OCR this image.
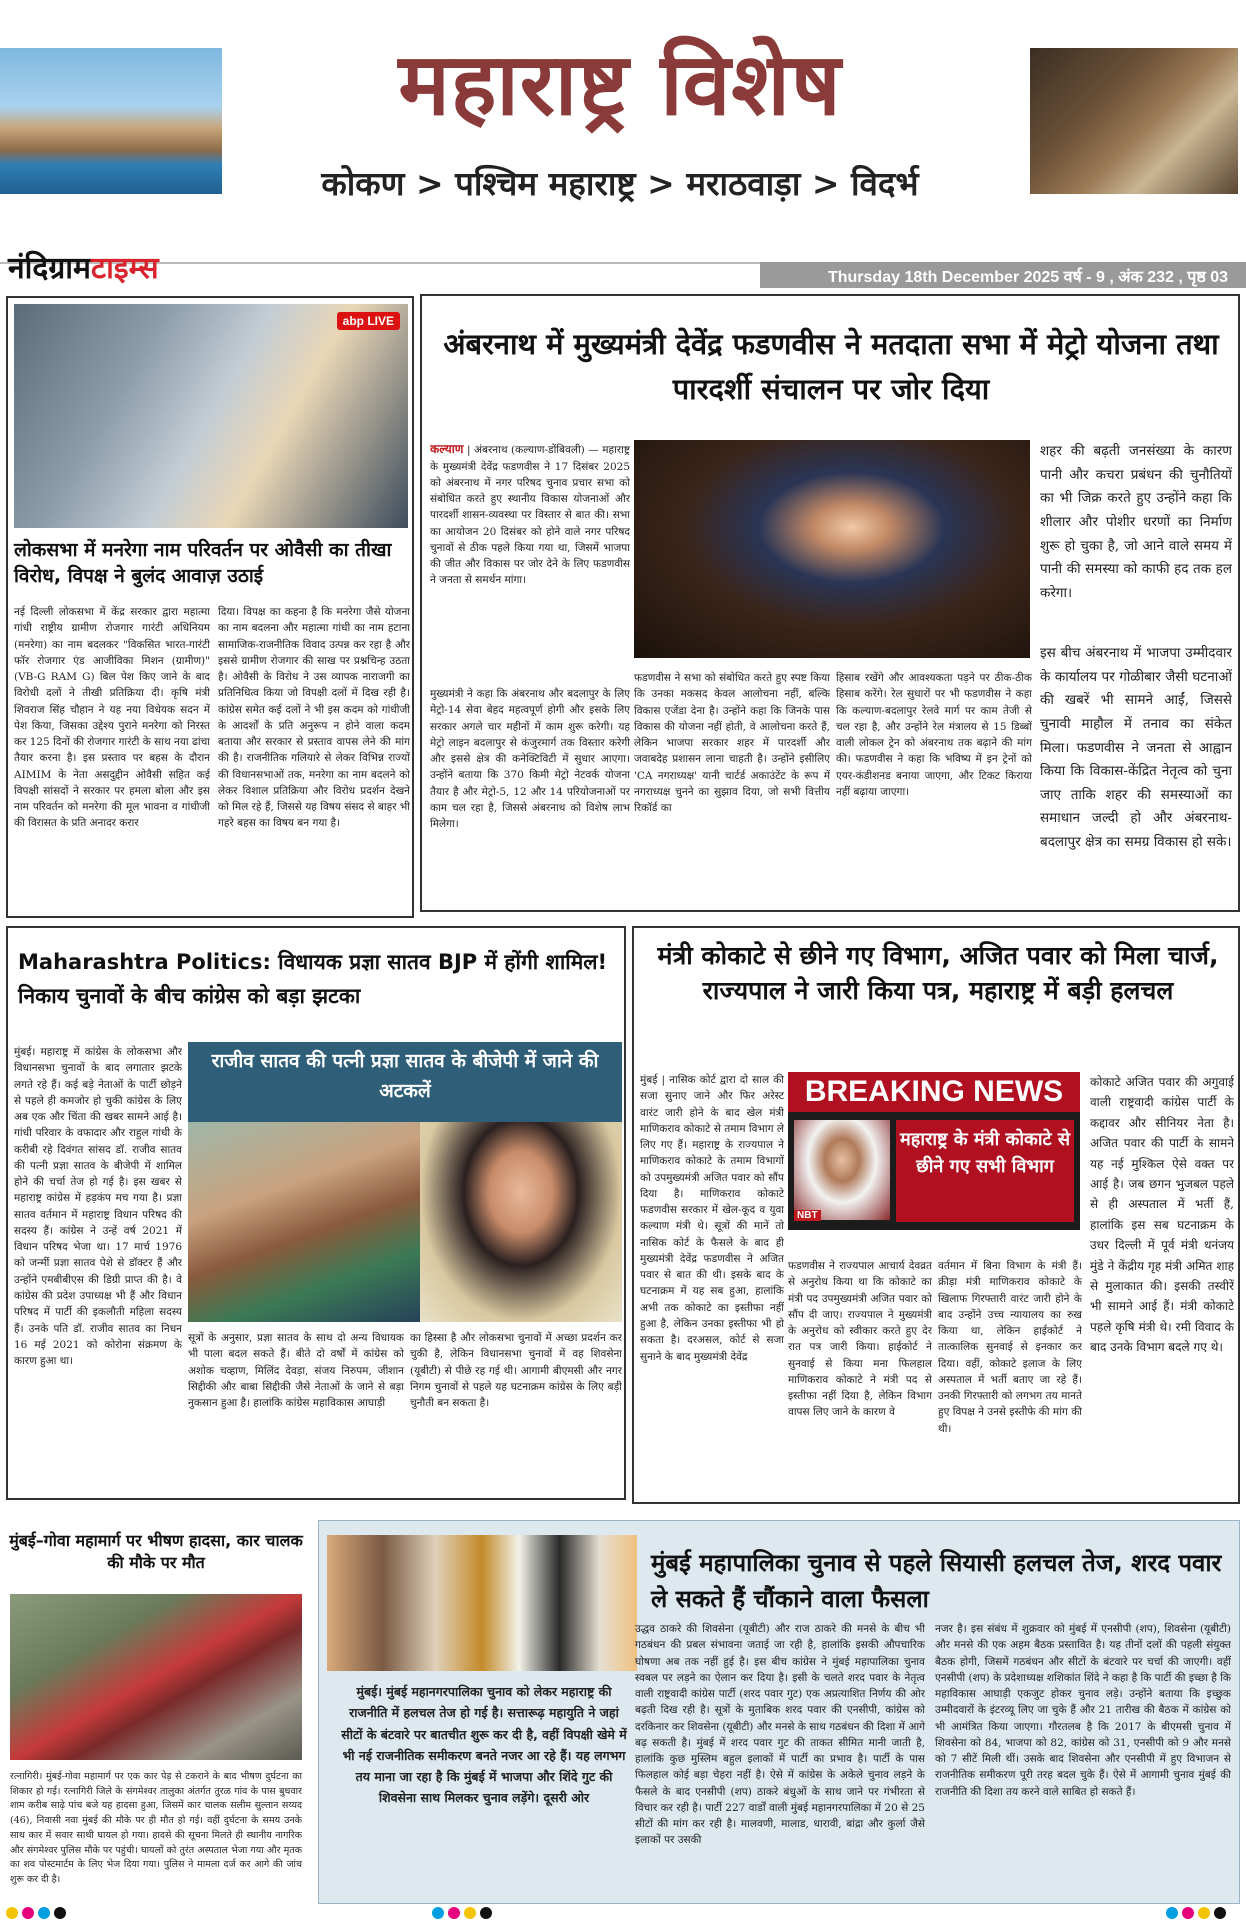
महाराष्ट्र विशेष
कोकण > पश्चिम महाराष्ट्र > मराठवाड़ा > विदर्भ
नंदिग्रामटाइम्स	Thursday 18th December 2025 वर्ष - 9 , अंक 232 , पृष्ठ 03
abp LIVE
लोकसभा में मनरेगा नाम परिवर्तन पर ओवैसी का तीखा विरोध, विपक्ष ने बुलंद आवाज़ उठाई
नई दिल्ली लोकसभा में केंद्र सरकार द्वारा महात्मा गांधी राष्ट्रीय ग्रामीण रोजगार गारंटी अधिनियम (मनरेगा) का नाम बदलकर "विकसित भारत-गारंटी फॉर रोजगार एंड आजीविका मिशन (ग्रामीण)" (VB-G RAM G) बिल पेश किए जाने के बाद विरोधी दलों ने तीखी प्रतिक्रिया दी। कृषि मंत्री शिवराज सिंह चौहान ने यह नया विधेयक सदन में पेश किया, जिसका उद्देश्य पुराने मनरेगा को निरस्त कर 125 दिनों की रोजगार गारंटी के साथ नया ढांचा तैयार करना है। इस प्रस्ताव पर बहस के दौरान AIMIM के नेता असदुद्दीन ओवैसी सहित कई विपक्षी सांसदों ने सरकार पर हमला बोला और इस नाम परिवर्तन को मनरेगा की मूल भावना व गांधीजी की विरासत के प्रति अनादर करार
दिया। विपक्ष का कहना है कि मनरेगा जैसे योजना का नाम बदलना और महात्मा गांधी का नाम हटाना सामाजिक-राजनीतिक विवाद उत्पन्न कर रहा है और इससे ग्रामीण रोजगार की साख पर प्रश्नचिन्ह उठता है। ओवैसी के विरोध ने उस व्यापक नाराजगी का प्रतिनिधित्व किया जो विपक्षी दलों में दिख रही है। कांग्रेस समेत कई दलों ने भी इस कदम को गांधीजी के आदर्शों के प्रति अनुरूप न होने वाला कदम बताया और सरकार से प्रस्ताव वापस लेने की मांग की है। राजनीतिक गलियारे से लेकर विभिन्न राज्यों की विधानसभाओं तक, मनरेगा का नाम बदलने को लेकर विशाल प्रतिक्रिया और विरोध प्रदर्शन देखने को मिल रहे हैं, जिससे यह विषय संसद से बाहर भी गहरे बहस का विषय बन गया है।
अंबरनाथ में मुख्यमंत्री देवेंद्र फडणवीस ने मतदाता सभा में मेट्रो योजना तथा पारदर्शी संचालन पर जोर दिया
कल्याण | अंबरनाथ (कल्याण-डोंबिवली) — महाराष्ट्र के मुख्यमंत्री देवेंद्र फडणवीस ने 17 दिसंबर 2025 को अंबरनाथ में नगर परिषद चुनाव प्रचार सभा को संबोधित करते हुए स्थानीय विकास योजनाओं और पारदर्शी शासन-व्यवस्था पर विस्तार से बात की। सभा का आयोजन 20 दिसंबर को होने वाले नगर परिषद चुनावों से ठीक पहले किया गया था, जिसमें भाजपा की जीत और विकास पर जोर देने के लिए फडणवीस ने जनता से समर्थन मांगा।
मुख्यमंत्री ने कहा कि अंबरनाथ और बदलापुर के लिए मेट्रो-14 सेवा बेहद महत्वपूर्ण होगी और इसके लिए सरकार अगले चार महीनों में काम शुरू करेगी। यह मेट्रो लाइन बदलापुर से कंजुरमार्ग तक विस्तार करेगी और इससे क्षेत्र की कनेक्टिविटी में सुधार आएगा। उन्होंने बताया कि 370 किमी मेट्रो नेटवर्क योजना तैयार है और मेट्रो-5, 12 और 14 परियोजनाओं पर काम चल रहा है, जिससे अंबरनाथ को विशेष लाभ मिलेगा।
फडणवीस ने सभा को संबोधित करते हुए स्पष्ट किया कि उनका मकसद केवल आलोचना नहीं, बल्कि विकास एजेंडा देना है। उन्होंने कहा कि जिनके पास विकास की योजना नहीं होती, वे आलोचना करते हैं, लेकिन भाजपा सरकार शहर में पारदर्शी और जवाबदेह प्रशासन लाना चाहती है। उन्होंने इसीलिए 'CA नगराध्यक्ष' यानी चार्टर्ड अकाउंटेंट के रूप में नगराध्यक्ष चुनने का सुझाव दिया, जो सभी वित्तीय रिकॉर्ड का
हिसाब रखेंगे और आवश्यकता पड़ने पर ठीक-ठीक हिसाब करेंगे। रेल सुधारों पर भी फडणवीस ने कहा कि कल्याण-बदलापुर रेलवे मार्ग पर काम तेजी से चल रहा है, और उन्होंने रेल मंत्रालय से 15 डिब्बों वाली लोकल ट्रेन को अंबरनाथ तक बढ़ाने की मांग की। फडणवीस ने कहा कि भविष्य में इन ट्रेनों को एयर-कंडीशनड बनाया जाएगा, और टिकट किराया नहीं बढ़ाया जाएगा।
शहर की बढ़ती जनसंख्या के कारण पानी और कचरा प्रबंधन की चुनौतियों का भी जिक्र करते हुए उन्होंने कहा कि शीलार और पोशीर धरणों का निर्माण शुरू हो चुका है, जो आने वाले समय में पानी की समस्या को काफी हद तक हल करेगा।
इस बीच अंबरनाथ में भाजपा उम्मीदवार के कार्यालय पर गोळीबार जैसी घटनाओं की खबरें भी सामने आईं, जिससे चुनावी माहौल में तनाव का संकेत मिला। फडणवीस ने जनता से आह्वान किया कि विकास-केंद्रित नेतृत्व को चुना जाए ताकि शहर की समस्याओं का समाधान जल्दी हो और अंबरनाथ-बदलापुर क्षेत्र का समग्र विकास हो सके।
Maharashtra Politics: विधायक प्रज्ञा सातव BJP में होंगी शामिल! निकाय चुनावों के बीच कांग्रेस को बड़ा झटका
मुंबई। महाराष्ट्र में कांग्रेस के लोकसभा और विधानसभा चुनावों के बाद लगातार झटके लगते रहे हैं। कई बड़े नेताओं के पार्टी छोड़ने से पहले ही कमजोर हो चुकी कांग्रेस के लिए अब एक और चिंता की खबर सामने आई है। गांधी परिवार के वफादार और राहुल गांधी के करीबी रहे दिवंगत सांसद डॉ. राजीव सातव की पत्नी प्रज्ञा सातव के बीजेपी में शामिल होने की चर्चा तेज हो गई है। इस खबर से महाराष्ट्र कांग्रेस में हड़कंप मच गया है। प्रज्ञा सातव वर्तमान में महाराष्ट्र विधान परिषद की सदस्य हैं। कांग्रेस ने उन्हें वर्ष 2021 में विधान परिषद भेजा था। 17 मार्च 1976 को जन्मीं प्रज्ञा सातव पेशे से डॉक्टर हैं और उन्होंने एमबीबीएस की डिग्री प्राप्त की है। वे कांग्रेस की प्रदेश उपाध्यक्ष भी हैं और विधान परिषद में पार्टी की इकलौती महिला सदस्य हैं। उनके पति डॉ. राजीव सातव का निधन 16 मई 2021 को कोरोना संक्रमण के कारण हुआ था।
राजीव सातव की पत्नी प्रज्ञा सातव के बीजेपी में जाने की अटकलें
सूत्रों के अनुसार, प्रज्ञा सातव के साथ दो अन्य विधायक भी पाला बदल सकते हैं। बीते दो वर्षों में कांग्रेस को अशोक चव्हाण, मिलिंद देवड़ा, संजय निरुपम, जीशान सिद्दीकी और बाबा सिद्दीकी जैसे नेताओं के जाने से बड़ा नुकसान हुआ है। हालांकि कांग्रेस महाविकास आघाड़ी
का हिस्सा है और लोकसभा चुनावों में अच्छा प्रदर्शन कर चुकी है, लेकिन विधानसभा चुनावों में वह शिवसेना (यूबीटी) से पीछे रह गई थी। आगामी बीएमसी और नगर निगम चुनावों से पहले यह घटनाक्रम कांग्रेस के लिए बड़ी चुनौती बन सकता है।
मंत्री कोकाटे से छीने गए विभाग, अजित पवार को मिला चार्ज, राज्यपाल ने जारी किया पत्र, महाराष्ट्र में बड़ी हलचल
मुंबई | नासिक कोर्ट द्वारा दो साल की सजा सुनाए जाने और फिर अरेस्ट वारंट जारी होने के बाद खेल मंत्री माणिकराव कोकाटे से तमाम विभाग ले लिए गए हैं। महाराष्ट्र के राज्यपाल ने माणिकराव कोकाटे के तमाम विभागों को उपमुख्यमंत्री अजित पवार को सौंप दिया है। माणिकराव कोकाटे फडणवीस सरकार में खेल-कूद व युवा कल्याण मंत्री थे। सूत्रों की मानें तो नासिक कोर्ट के फैसले के बाद ही मुख्यमंत्री देवेंद्र फडणवीस ने अजित पवार से बात की थी। इसके बाद के घटनाक्रम में यह सब हुआ, हालांकि अभी तक कोकाटे का इस्तीफा नहीं हुआ है, लेकिन उनका इस्तीफा भी हो सकता है। दरअसल, कोर्ट से सजा सुनाने के बाद मुख्यमंत्री देवेंद्र
BREAKING NEWS
महाराष्ट्र के मंत्री कोकाटे से छीने गए सभी विभाग
NBT
फडणवीस ने राज्यपाल आचार्य देवव्रत से अनुरोध किया था कि कोकाटे का मंत्री पद उपमुख्यमंत्री अजित पवार को सौंप दी जाए। राज्यपाल ने मुख्यमंत्री के अनुरोध को स्वीकार करते हुए देर रात पत्र जारी किया। हाईकोर्ट ने सुनवाई से किया मना फिलहाल माणिकराव कोकाटे ने मंत्री पद से इस्तीफा नहीं दिया है, लेकिन विभाग वापस लिए जाने के कारण वे
वर्तमान में बिना विभाग के मंत्री हैं। क्रीड़ा मंत्री माणिकराव कोकाटे के खिलाफ गिरफ्तारी वारंट जारी होने के बाद उन्होंने उच्च न्यायालय का रुख किया था, लेकिन हाईकोर्ट ने तात्कालिक सुनवाई से इनकार कर दिया। वहीं, कोकाटे इलाज के लिए अस्पताल में भर्ती बताए जा रहे हैं। उनकी गिरफ्तारी को लगभग तय मानते हुए विपक्ष ने उनसे इस्तीफे की मांग की थी।
कोकाटे अजित पवार की अगुवाई वाली राष्ट्रवादी कांग्रेस पार्टी के कद्दावर और सीनियर नेता है। अजित पवार की पार्टी के सामने यह नई मुश्किल ऐसे वक्त पर आई है। जब छगन भुजबल पहले से ही अस्पताल में भर्ती हैं, हालांकि इस सब घटनाक्रम के उधर दिल्ली में पूर्व मंत्री धनंजय मुंडे ने केंद्रीय गृह मंत्री अमित शाह से मुलाकात की। इसकी तस्वीरें भी सामने आई हैं। मंत्री कोकाटे पहले कृषि मंत्री थे। रमी विवाद के बाद उनके विभाग बदले गए थे।
मुंबई–गोवा महामार्ग पर भीषण हादसा, कार चालक की मौके पर मौत
रत्नागिरी। मुंबई-गोवा महामार्ग पर एक कार पेड़ से टकराने के बाद भीषण दुर्घटना का शिकार हो गई। रत्नागिरी जिले के संगमेश्वर तालुका अंतर्गत तुरळ गांव के पास बुधवार शाम करीब साढ़े पांच बजे यह हादसा हुआ, जिसमें कार चालक सलीम सुल्तान सय्यद (46), निवासी नवा मुंबई की मौके पर ही मौत हो गई। वहीं दुर्घटना के समय उनके साथ कार में सवार साथी घायल हो गया। हादसे की सूचना मिलते ही स्थानीय नागरिक और संगमेश्वर पुलिस मौके पर पहुंची। घायलों को तुरंत अस्पताल भेजा गया और मृतक का शव पोस्टमार्टम के लिए भेज दिया गया। पुलिस ने मामला दर्ज कर आगे की जांच शुरू कर दी है।
मुंबई महापालिका चुनाव से पहले सियासी हलचल तेज, शरद पवार ले सकते हैं चौंकाने वाला फैसला
मुंबई। मुंबई महानगरपालिका चुनाव को लेकर महाराष्ट्र की राजनीति में हलचल तेज हो गई है। सत्तारूढ़ महायुति ने जहां सीटों के बंटवारे पर बातचीत शुरू कर दी है, वहीं विपक्षी खेमे में भी नई राजनीतिक समीकरण बनते नजर आ रहे हैं। यह लगभग तय माना जा रहा है कि मुंबई में भाजपा और शिंदे गुट की शिवसेना साथ मिलकर चुनाव लड़ेंगे। दूसरी ओर
उद्धव ठाकरे की शिवसेना (यूबीटी) और राज ठाकरे की मनसे के बीच भी गठबंधन की प्रबल संभावना जताई जा रही है, हालांकि इसकी औपचारिक घोषणा अब तक नहीं हुई है। इस बीच कांग्रेस ने मुंबई महापालिका चुनाव स्वबल पर लड़ने का ऐलान कर दिया है। इसी के चलते शरद पवार के नेतृत्व वाली राष्ट्रवादी कांग्रेस पार्टी (शरद पवार गुट) एक अप्रत्याशित निर्णय की ओर बढ़ती दिख रही है। सूत्रों के मुताबिक शरद पवार की एनसीपी, कांग्रेस को दरकिनार कर शिवसेना (यूबीटी) और मनसे के साथ गठबंधन की दिशा में आगे बढ़ सकती है। मुंबई में शरद पवार गुट की ताकत सीमित मानी जाती है, हालांकि कुछ मुस्लिम बहुल इलाकों में पार्टी का प्रभाव है। पार्टी के पास फिलहाल कोई बड़ा चेहरा नहीं है। ऐसे में कांग्रेस के अकेले चुनाव लड़ने के फैसले के बाद एनसीपी (शप) ठाकरे बंधुओं के साथ जाने पर गंभीरता से विचार कर रही है। पार्टी 227 वार्डों वाली मुंबई महानगरपालिका में 20 से 25 सीटों की मांग कर रही है। मालवणी, मालाड, धारावी, बांद्रा और कुर्ला जैसे इलाकों पर उसकी
नजर है। इस संबंध में शुक्रवार को मुंबई में एनसीपी (शप), शिवसेना (यूबीटी) और मनसे की एक अहम बैठक प्रस्तावित है। यह तीनों दलों की पहली संयुक्त बैठक होगी, जिसमें गठबंधन और सीटों के बंटवारे पर चर्चा की जाएगी। वहीं एनसीपी (शप) के प्रदेशाध्यक्ष शशिकांत शिंदे ने कहा है कि पार्टी की इच्छा है कि महाविकास आघाड़ी एकजुट होकर चुनाव लड़े। उन्होंने बताया कि इच्छुक उम्मीदवारों के इंटरव्यू लिए जा चुके हैं और 21 तारीख की बैठक में कांग्रेस को भी आमंत्रित किया जाएगा। गौरतलब है कि 2017 के बीएमसी चुनाव में शिवसेना को 84, भाजपा को 82, कांग्रेस को 31, एनसीपी को 9 और मनसे को 7 सीटें मिली थीं। उसके बाद शिवसेना और एनसीपी में हुए विभाजन से राजनीतिक समीकरण पूरी तरह बदल चुके हैं। ऐसे में आगामी चुनाव मुंबई की राजनीति की दिशा तय करने वाले साबित हो सकते हैं।
